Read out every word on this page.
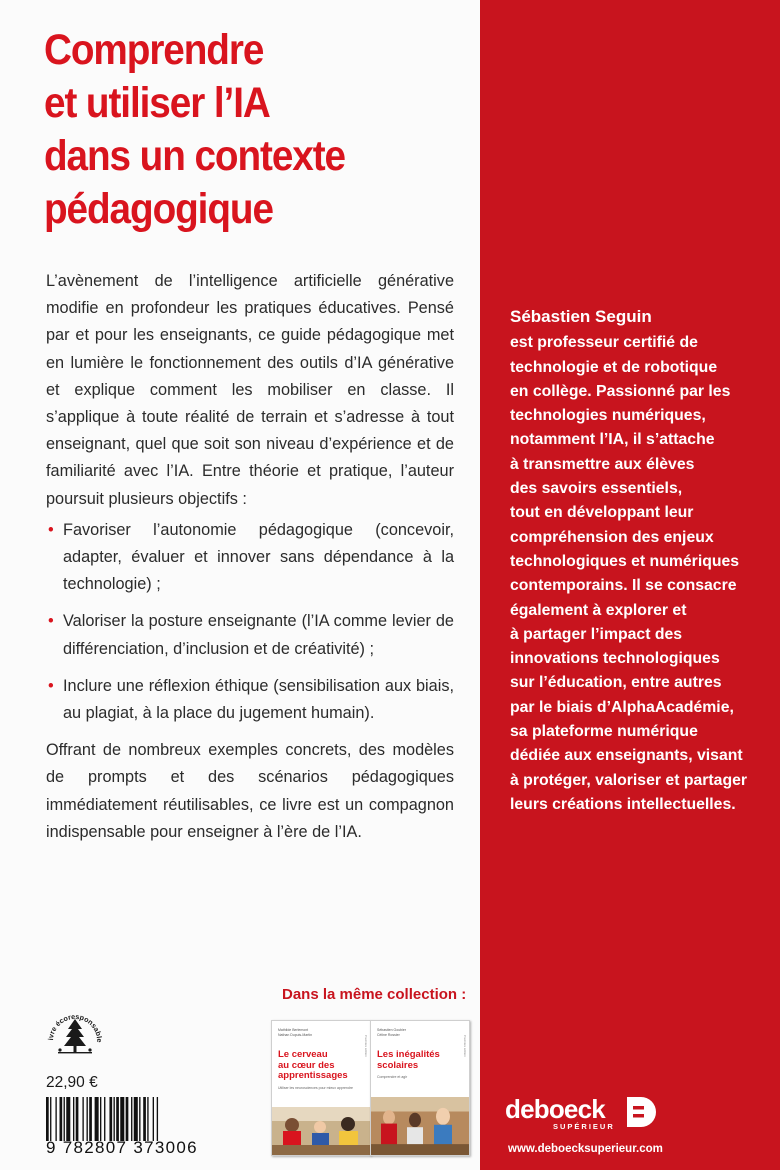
Comprendre
et utiliser l’IA
dans un contexte
pédagogique

L’avènement de l’intelligence artificielle générative modifie en profondeur les pratiques éducatives. Pensé par et pour les enseignants, ce guide pédagogique met en lumière le fonctionnement des outils d’IA générative et explique comment les mobiliser en classe. Il s’applique à toute réalité de terrain et s’adresse à tout enseignant, quel que soit son niveau d’expérience et de familiarité avec l’IA. Entre théorie et pratique, l’auteur poursuit plusieurs objectifs :

• Favoriser l’autonomie pédagogique (concevoir, adapter, évaluer et innover sans dépendance à la technologie) ;
• Valoriser la posture enseignante (l’IA comme levier de différenciation, d’inclusion et de créativité) ;
• Inclure une réflexion éthique (sensibilisation aux biais, au plagiat, à la place du jugement humain).

Offrant de nombreux exemples concrets, des modèles de prompts et des scénarios pédagogiques immédiatement réutilisables, ce livre est un compagnon indispensable pour enseigner à l’ère de l’IA.

Sébastien Seguin
est professeur certifié de
technologie et de robotique
en collège. Passionné par les
technologies numériques,
notamment l’IA, il s’attache
à transmettre aux élèves
des savoirs essentiels,
tout en développant leur
compréhension des enjeux
technologiques et numériques
contemporains. Il se consacre
également à explorer et
à partager l’impact des
innovations technologiques
sur l’éducation, entre autres
par le biais d’AlphaAcadémie,
sa plateforme numérique
dédiée aux enseignants, visant
à protéger, valoriser et partager
leurs créations intellectuelles.
Dans la même collection :
Première édition
Mathilde Berlemont
Nathan Dupuis-Martin
Le cerveau
au cœur des
apprentissages
Utiliser les neurosciences pour mieux apprendre
Première édition
Sébastien Goubier
Céline Rossier
Les inégalités
scolaires
Comprendre et agir
ivre écoresponsable
22,90 €
9 782807 373006
deboeck
SUPÉRIEUR
www.deboecksuperieur.com
